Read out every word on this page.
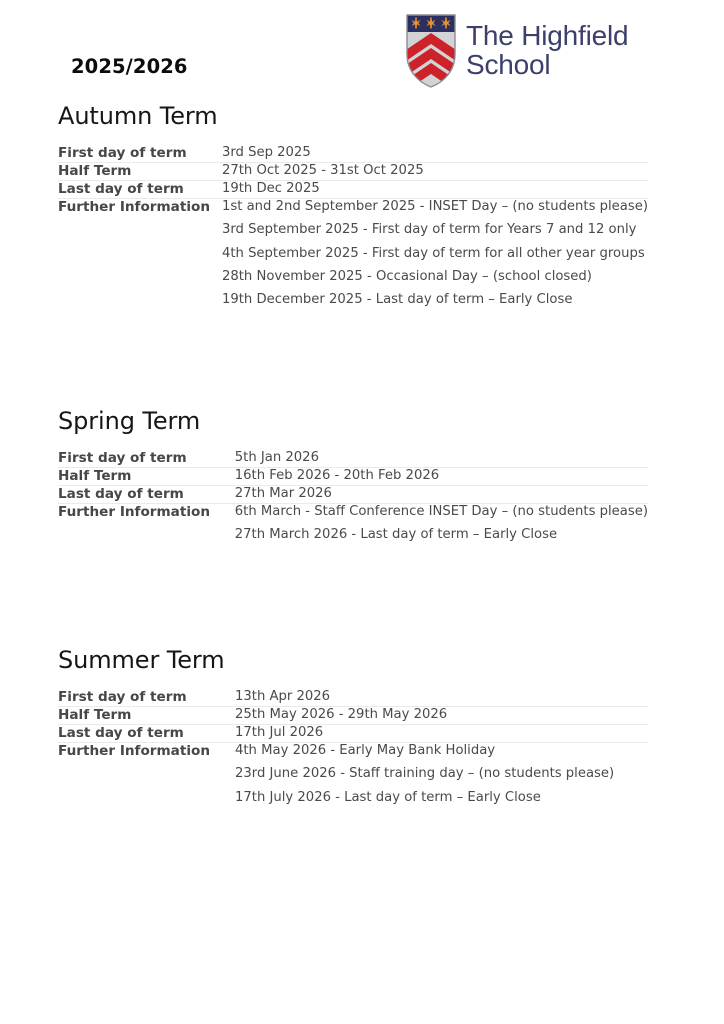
2025/2026
The Highfield
School
Autumn Term
First day of term	3rd Sep 2025
Half Term	27th Oct 2025 - 31st Oct 2025
Last day of term	19th Dec 2025
Further Information	1st and 2nd September 2025 - INSET Day – (no students please)
3rd September 2025 - First day of term for Years 7 and 12 only
4th September 2025 - First day of term for all other year groups
28th November 2025 - Occasional Day – (school closed)
19th December 2025 - Last day of term – Early Close
Spring Term
First day of term	5th Jan 2026
Half Term	16th Feb 2026 - 20th Feb 2026
Last day of term	27th Mar 2026
Further Information	6th March - Staff Conference INSET Day – (no students please)
27th March 2026 - Last day of term – Early Close
Summer Term
First day of term	13th Apr 2026
Half Term	25th May 2026 - 29th May 2026
Last day of term	17th Jul 2026
Further Information	4th May 2026 - Early May Bank Holiday
23rd June 2026 - Staff training day – (no students please)
17th July 2026 - Last day of term – Early Close
